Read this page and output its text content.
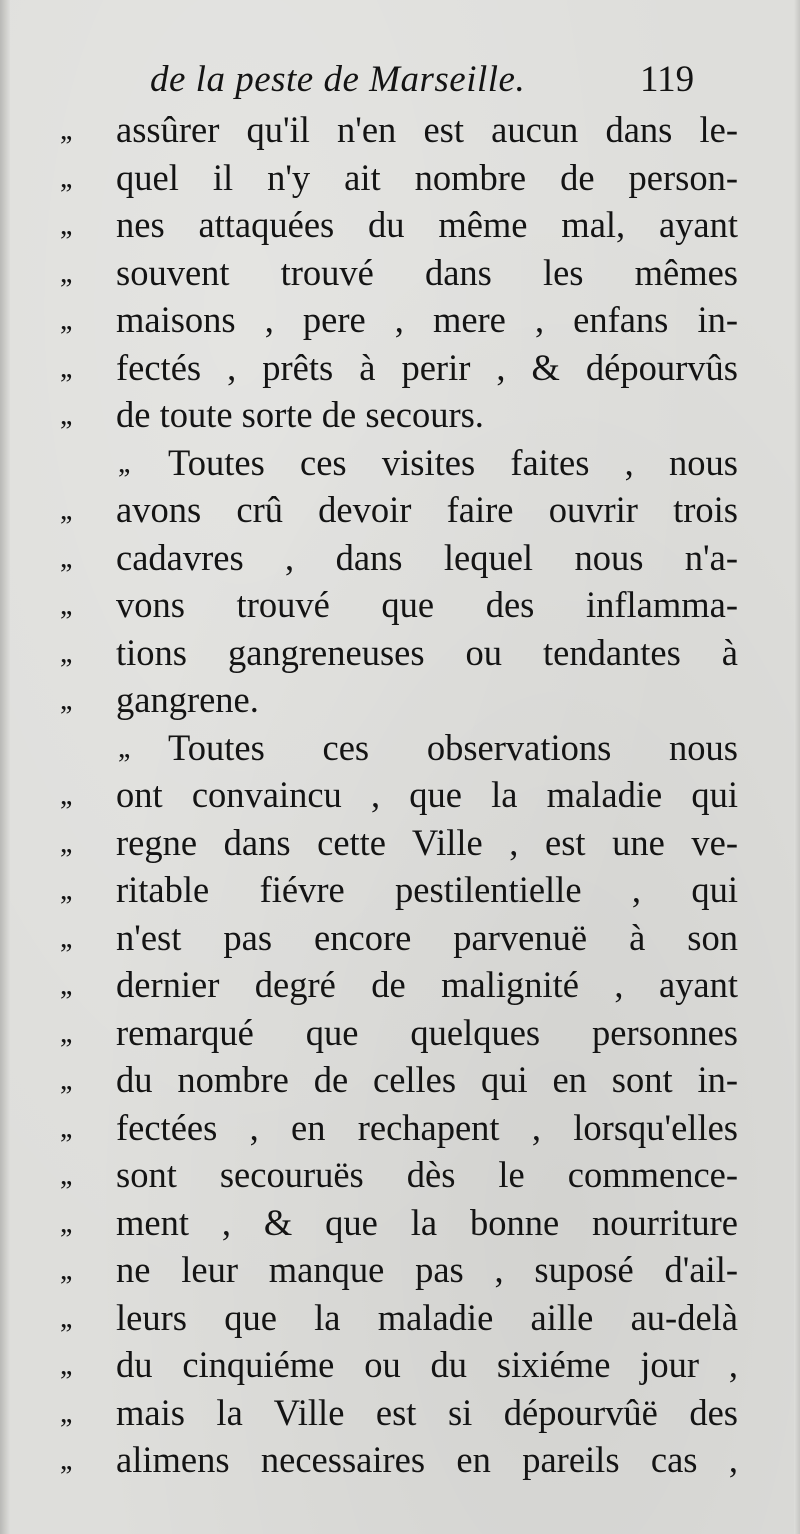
de la peste de Marseille.	119
,,	assûrer qu'il n'en est aucun dans le-
,,	quel il n'y ait nombre de person-
,,	nes attaquées du même mal, ayant
,,	souvent trouvé dans les mêmes
,,	maisons , pere , mere , enfans in-
,,	fectés , prêts à perir , & dépourvûs
,,	de toute sorte de secours.
,,	Toutes ces visites faites , nous
,,	avons crû devoir faire ouvrir trois
,,	cadavres , dans lequel nous n'a-
,,	vons trouvé que des inflamma-
,,	tions gangreneuses ou tendantes à
,,	gangrene.
,,	Toutes ces observations nous
,,	ont convaincu , que la maladie qui
,,	regne dans cette Ville , est une ve-
,,	ritable fiévre pestilentielle , qui
,,	n'est pas encore parvenuë à son
,,	dernier degré de malignité , ayant
,,	remarqué que quelques personnes
,,	du nombre de celles qui en sont in-
,,	fectées , en rechapent , lorsqu'elles
,,	sont secouruës dès le commence-
,,	ment , & que la bonne nourriture
,,	ne leur manque pas , suposé d'ail-
,,	leurs que la maladie aille au-delà
,,	du cinquiéme ou du sixiéme jour ,
,,	mais la Ville est si dépourvûë des
,,	alimens necessaires en pareils cas ,
